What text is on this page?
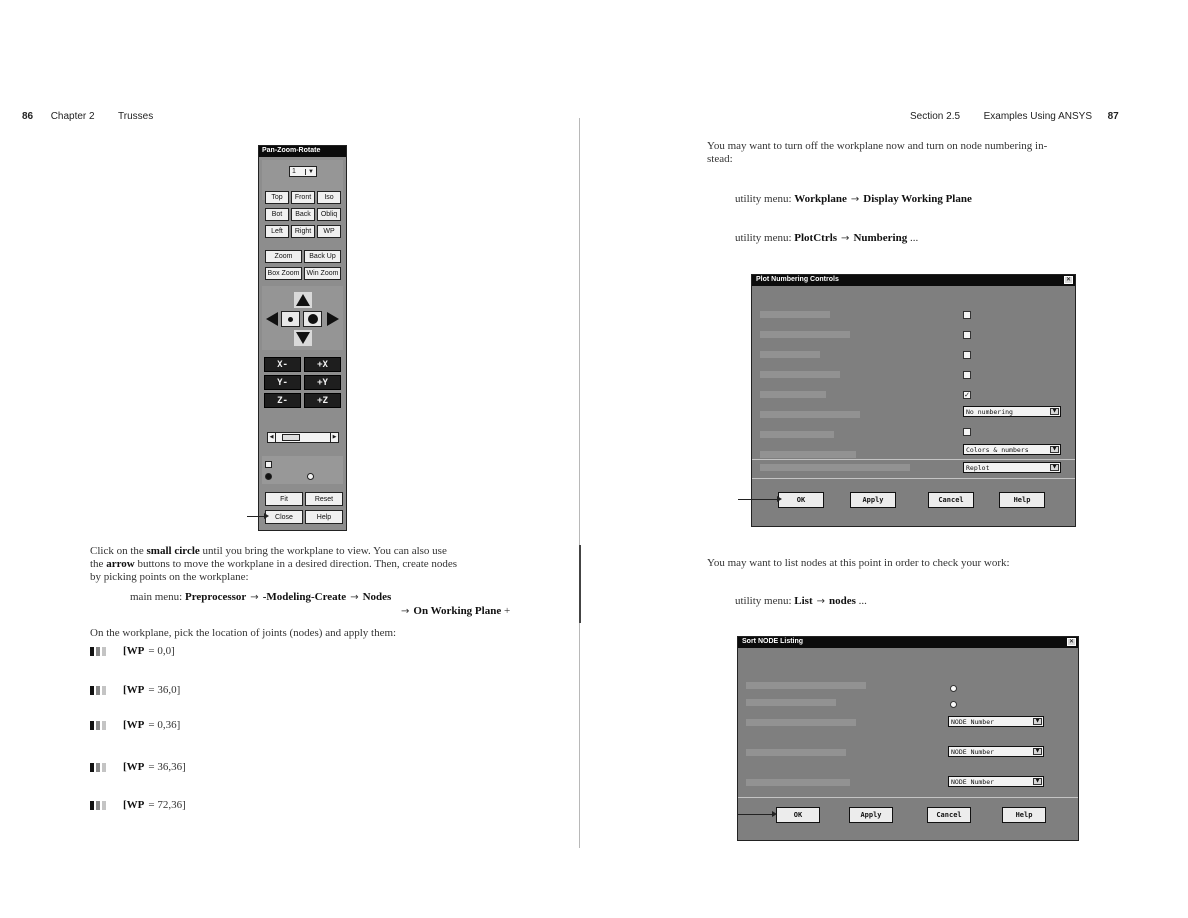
86 Chapter 2 Trusses	Section 2.5 Examples Using ANSYS 87
Pan-Zoom-Rotate
1	▼
Top	Front	Iso
Bot	Back	Obliq
Left	Right	WP
Zoom	Back Up
Box Zoom	Win Zoom
X-	+X
Y-	+Y
Z-	+Z
◀	▶
Fit	Reset
Close	Help
Click on the small circle until you bring the workplane to view. You can also use
the arrow buttons to move the workplane in a desired direction. Then, create nodes
by picking points on the workplane:
main menu: Preprocessor → -Modeling-Create → Nodes
→ On Working Plane +
On the workplane, pick the location of joints (nodes) and apply them:
[WP = 0,0]
[WP = 36,0]
[WP = 0,36]
[WP = 36,36]
[WP = 72,36]
You may want to turn off the workplane now and turn on node numbering in-
stead:
utility menu: Workplane → Display Working Plane
utility menu: PlotCtrls → Numbering ...
Plot Numbering Controls	✕
✓
No numbering	▼
Colors & numbers	▼
Replot	▼
OK	Apply	Cancel	Help
You may want to list nodes at this point in order to check your work:
utility menu: List → nodes ...
Sort NODE Listing	✕
NODE Number	▼
NODE Number	▼
NODE Number	▼
OK	Apply	Cancel	Help
